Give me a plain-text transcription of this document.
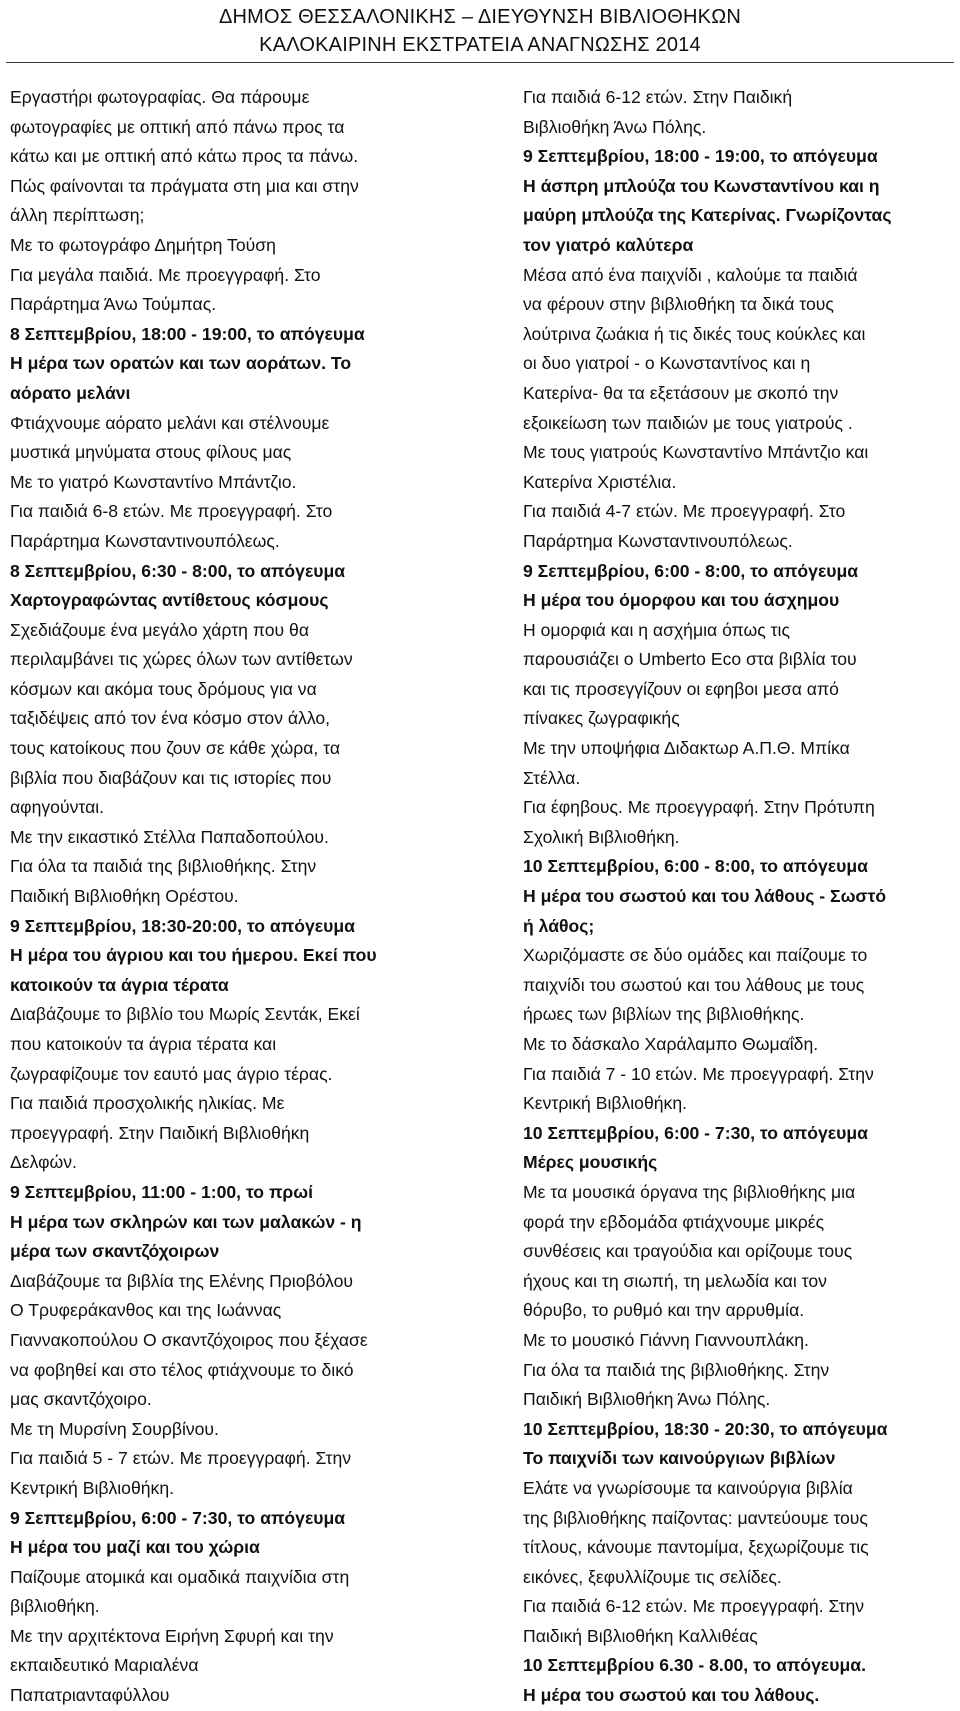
ΔΗΜΟΣ ΘΕΣΣΑΛΟΝΙΚΗΣ – ΔΙΕΥΘΥΝΣΗ ΒΙΒΛΙΟΘΗΚΩΝ
ΚΑΛΟΚΑΙΡΙΝΗ ΕΚΣΤΡΑΤΕΙΑ ΑΝΑΓΝΩΣΗΣ 2014
Εργαστήρι φωτογραφίας. Θα πάρουμε
φωτογραφίες με οπτική από πάνω προς τα
κάτω και με οπτική από κάτω προς τα πάνω.
Πώς φαίνονται τα πράγματα στη μια και στην
άλλη περίπτωση;
Με το φωτογράφο Δημήτρη Τούση
Για μεγάλα παιδιά. Με προεγγραφή. Στο
Παράρτημα Άνω Τούμπας.
8 Σεπτεμβρίου, 18:00 - 19:00, το απόγευμα
Η μέρα των ορατών και των αοράτων. Το
αόρατο μελάνι
Φτιάχνουμε αόρατο μελάνι και στέλνουμε
μυστικά μηνύματα στους φίλους μας
Με το γιατρό Κωνσταντίνο Μπάντζιο.
Για παιδιά 6-8 ετών. Με προεγγραφή. Στο
Παράρτημα Κωνσταντινουπόλεως.
8 Σεπτεμβρίου, 6:30 - 8:00, το απόγευμα
Χαρτογραφώντας αντίθετους κόσμους
Σχεδιάζουμε ένα μεγάλο χάρτη που θα
περιλαμβάνει τις χώρες όλων των αντίθετων
κόσμων και ακόμα τους δρόμους για να
ταξιδέψεις από τον ένα κόσμο στον άλλο,
τους κατοίκους που ζουν σε κάθε χώρα, τα
βιβλία που διαβάζουν και τις ιστορίες που
αφηγούνται.
Με την εικαστικό Στέλλα Παπαδοπούλου.
Για όλα τα παιδιά της βιβλιοθήκης. Στην
Παιδική Βιβλιοθήκη Ορέστου.
9 Σεπτεμβρίου, 18:30-20:00, το απόγευμα
Η μέρα του άγριου και του ήμερου. Εκεί που
κατοικούν τα άγρια τέρατα
Διαβάζουμε το βιβλίο του Μωρίς Σεντάκ, Εκεί
που κατοικούν τα άγρια τέρατα και
ζωγραφίζουμε τον εαυτό μας άγριο τέρας.
Για παιδιά προσχολικής ηλικίας. Με
προεγγραφή. Στην Παιδική Βιβλιοθήκη
Δελφών.
9 Σεπτεμβρίου, 11:00 - 1:00, το πρωί
Η μέρα των σκληρών και των μαλακών - η
μέρα των σκαντζόχοιρων
Διαβάζουμε τα βιβλία της Ελένης Πριοβόλου
Ο Τρυφεράκανθος και της Ιωάννας
Γιαννακοπούλου Ο σκαντζόχοιρος που ξέχασε
να φοβηθεί και στο τέλος φτιάχνουμε το δικό
μας σκαντζόχοιρο.
Με τη Μυρσίνη Σουρβίνου.
Για παιδιά 5 - 7 ετών. Με προεγγραφή. Στην
Κεντρική Βιβλιοθήκη.
9 Σεπτεμβρίου, 6:00 - 7:30, το απόγευμα
Η μέρα του μαζί και του χώρια
Παίζουμε ατομικά και ομαδικά παιχνίδια στη
βιβλιοθήκη.
Με την αρχιτέκτονα Ειρήνη Σφυρή και την
εκπαιδευτικό Μαριαλένα
Παπατριανταφύλλου
Για παιδιά 6-12 ετών. Στην Παιδική
Βιβλιοθήκη Άνω Πόλης.
9 Σεπτεμβρίου, 18:00 - 19:00, το απόγευμα
Η άσπρη μπλούζα του Κωνσταντίνου και η
μαύρη μπλούζα της Κατερίνας. Γνωρίζοντας
τον γιατρό καλύτερα
Μέσα από ένα παιχνίδι , καλούμε τα παιδιά
να φέρουν στην βιβλιοθήκη τα δικά τους
λούτρινα ζωάκια ή τις δικές τους κούκλες και
οι δυο γιατροί - ο Κωνσταντίνος και η
Κατερίνα- θα τα εξετάσουν με σκοπό την
εξοικείωση των παιδιών με τους γιατρούς .
Με τους γιατρούς Κωνσταντίνο Μπάντζιο και
Κατερίνα Χριστέλια.
Για παιδιά 4-7 ετών. Με προεγγραφή. Στο
Παράρτημα Κωνσταντινουπόλεως.
9 Σεπτεμβρίου, 6:00 - 8:00, το απόγευμα
Η μέρα του όμορφου και του άσχημου
Η ομορφιά και η ασχήμια όπως τις
παρουσιάζει ο Umberto Eco στα βιβλία του
και τις προσεγγίζουν οι εφηβοι μεσα από
πίνακες ζωγραφικής
Με την υποψήφια Διδακτωρ Α.Π.Θ. Μπίκα
Στέλλα.
Για έφηβους. Με προεγγραφή. Στην Πρότυπη
Σχολική Βιβλιοθήκη.
10 Σεπτεμβρίου, 6:00 - 8:00, το απόγευμα
Η μέρα του σωστού και του λάθους - Σωστό
ή λάθος;
Χωριζόμαστε σε δύο ομάδες και παίζουμε το
παιχνίδι του σωστού και του λάθους με τους
ήρωες των βιβλίων της βιβλιοθήκης.
Με το δάσκαλο Χαράλαμπο Θωμαΐδη.
Για παιδιά 7 - 10 ετών. Με προεγγραφή. Στην
Κεντρική Βιβλιοθήκη.
10 Σεπτεμβρίου, 6:00 - 7:30, το απόγευμα
Μέρες μουσικής
Με τα μουσικά όργανα της βιβλιοθήκης μια
φορά την εβδομάδα φτιάχνουμε μικρές
συνθέσεις και τραγούδια και ορίζουμε τους
ήχους και τη σιωπή, τη μελωδία και τον
θόρυβο, το ρυθμό και την αρρυθμία.
Με το μουσικό Γιάννη Γιαννουπλάκη.
Για όλα τα παιδιά της βιβλιοθήκης. Στην
Παιδική Βιβλιοθήκη Άνω Πόλης.
10 Σεπτεμβρίου, 18:30 - 20:30, το απόγευμα
Το παιχνίδι των καινούργιων βιβλίων
Ελάτε να γνωρίσουμε τα καινούργια βιβλία
της βιβλιοθήκης παίζοντας: μαντεύουμε τους
τίτλους, κάνουμε παντομίμα, ξεχωρίζουμε τις
εικόνες, ξεφυλλίζουμε τις σελίδες.
Για παιδιά 6-12 ετών. Με προεγγραφή. Στην
Παιδική Βιβλιοθήκη Καλλιθέας
10 Σεπτεμβρίου 6.30 - 8.00, το απόγευμα.
Η μέρα του σωστού και του λάθους.
